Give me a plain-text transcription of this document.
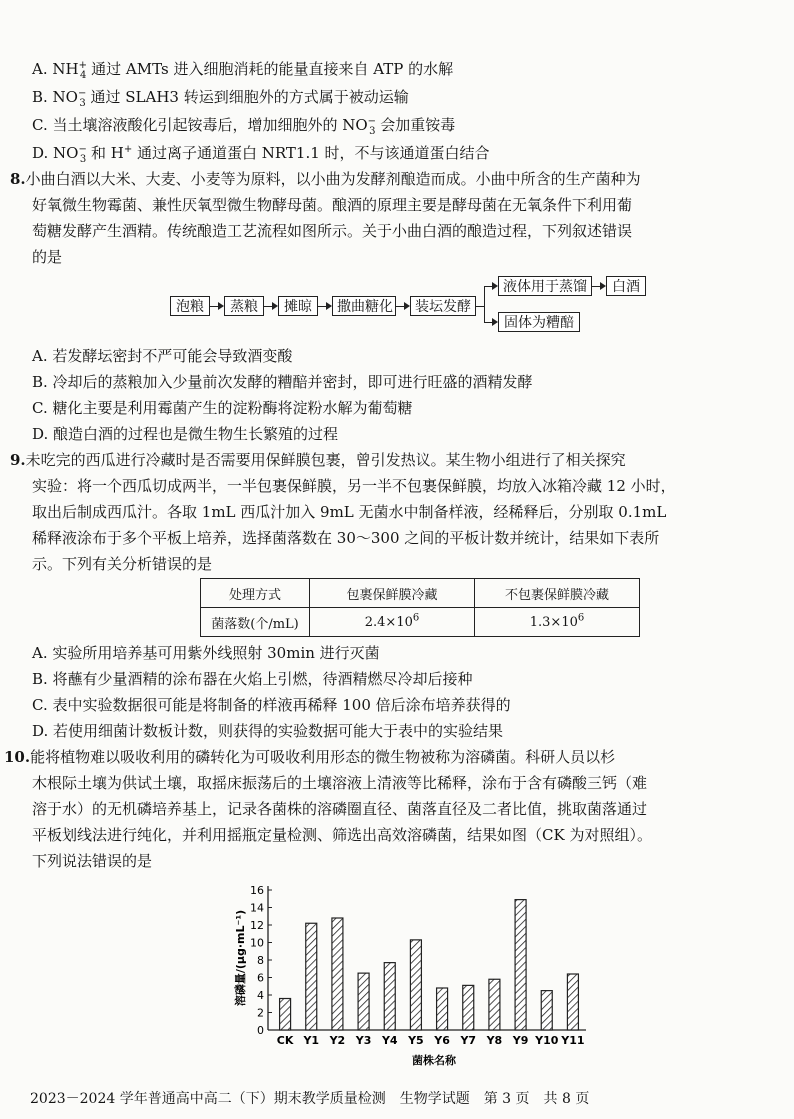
A. $NH^+_4$ 通过 AMTs 进入细胞消耗的能量直接来自 ATP 的水解
B. $NO^-_3$ 通过 SLAH3 转运到细胞外的方式属于被动运输
C. 当土壤溶液酸化引起铵毒后，增加细胞外的 $NO^-_3$ 会加重铵毒
D. $NO^-_3$ 和 H+ 通过离子通道蛋白 NRT1.1 时，不与该通道蛋白结合
8.小曲白酒以大米、大麦、小麦等为原料，以小曲为发酵剂酿造而成。小曲中所含的生产菌种为
好氧微生物霉菌、兼性厌氧型微生物酵母菌。酿酒的原理主要是酵母菌在无氧条件下利用葡
萄糖发酵产生酒精。传统酿造工艺流程如图所示。关于小曲白酒的酿造过程，下列叙述错误
的是
泡粮	蒸粮	摊晾	撒曲糖化	装坛发酵
液体用于蒸馏	白酒
固体为糟醅
A. 若发酵坛密封不严可能会导致酒变酸
B. 冷却后的蒸粮加入少量前次发酵的糟醅并密封，即可进行旺盛的酒精发酵
C. 糖化主要是利用霉菌产生的淀粉酶将淀粉水解为葡萄糖
D. 酿造白酒的过程也是微生物生长繁殖的过程
9.未吃完的西瓜进行冷藏时是否需要用保鲜膜包裹，曾引发热议。某生物小组进行了相关探究
实验：将一个西瓜切成两半，一半包裹保鲜膜，另一半不包裹保鲜膜，均放入冰箱冷藏 12 小时，
取出后制成西瓜汁。各取 1mL 西瓜汁加入 9mL 无菌水中制备样液，经稀释后，分别取 0.1mL
稀释液涂布于多个平板上培养，选择菌落数在 30～300 之间的平板计数并统计，结果如下表所
示。下列有关分析错误的是
处理方式	包裹保鲜膜冷藏	不包裹保鲜膜冷藏
菌落数(个/mL)	$2.4\times 10^6$	$1.3\times 10^6$
A. 实验所用培养基可用紫外线照射 30min 进行灭菌
B. 将蘸有少量酒精的涂布器在火焰上引燃，待酒精燃尽冷却后接种
C. 表中实验数据很可能是将制备的样液再稀释 100 倍后涂布培养获得的
D. 若使用细菌计数板计数，则获得的实验数据可能大于表中的实验结果
10.能将植物难以吸收利用的磷转化为可吸收利用形态的微生物被称为溶磷菌。科研人员以杉
木根际土壤为供试土壤，取摇床振荡后的土壤溶液上清液等比稀释，涂布于含有磷酸三钙（难
溶于水）的无机磷培养基上，记录各菌株的溶磷圈直径、菌落直径及二者比值，挑取菌落通过
平板划线法进行纯化，并利用摇瓶定量检测、筛选出高效溶磷菌，结果如图（CK 为对照组）。
下列说法错误的是
溶磷量/(μg·mL⁻¹)
菌株名称
0
2
4
6
8
10
12
14
16
CK Y1 Y2 Y3 Y4 Y5 Y6 Y7 Y8 Y9 Y10 Y11
2023－2024 学年普通高中高二（下）期末教学质量检测　生物学试题　第 3 页　共 8 页
